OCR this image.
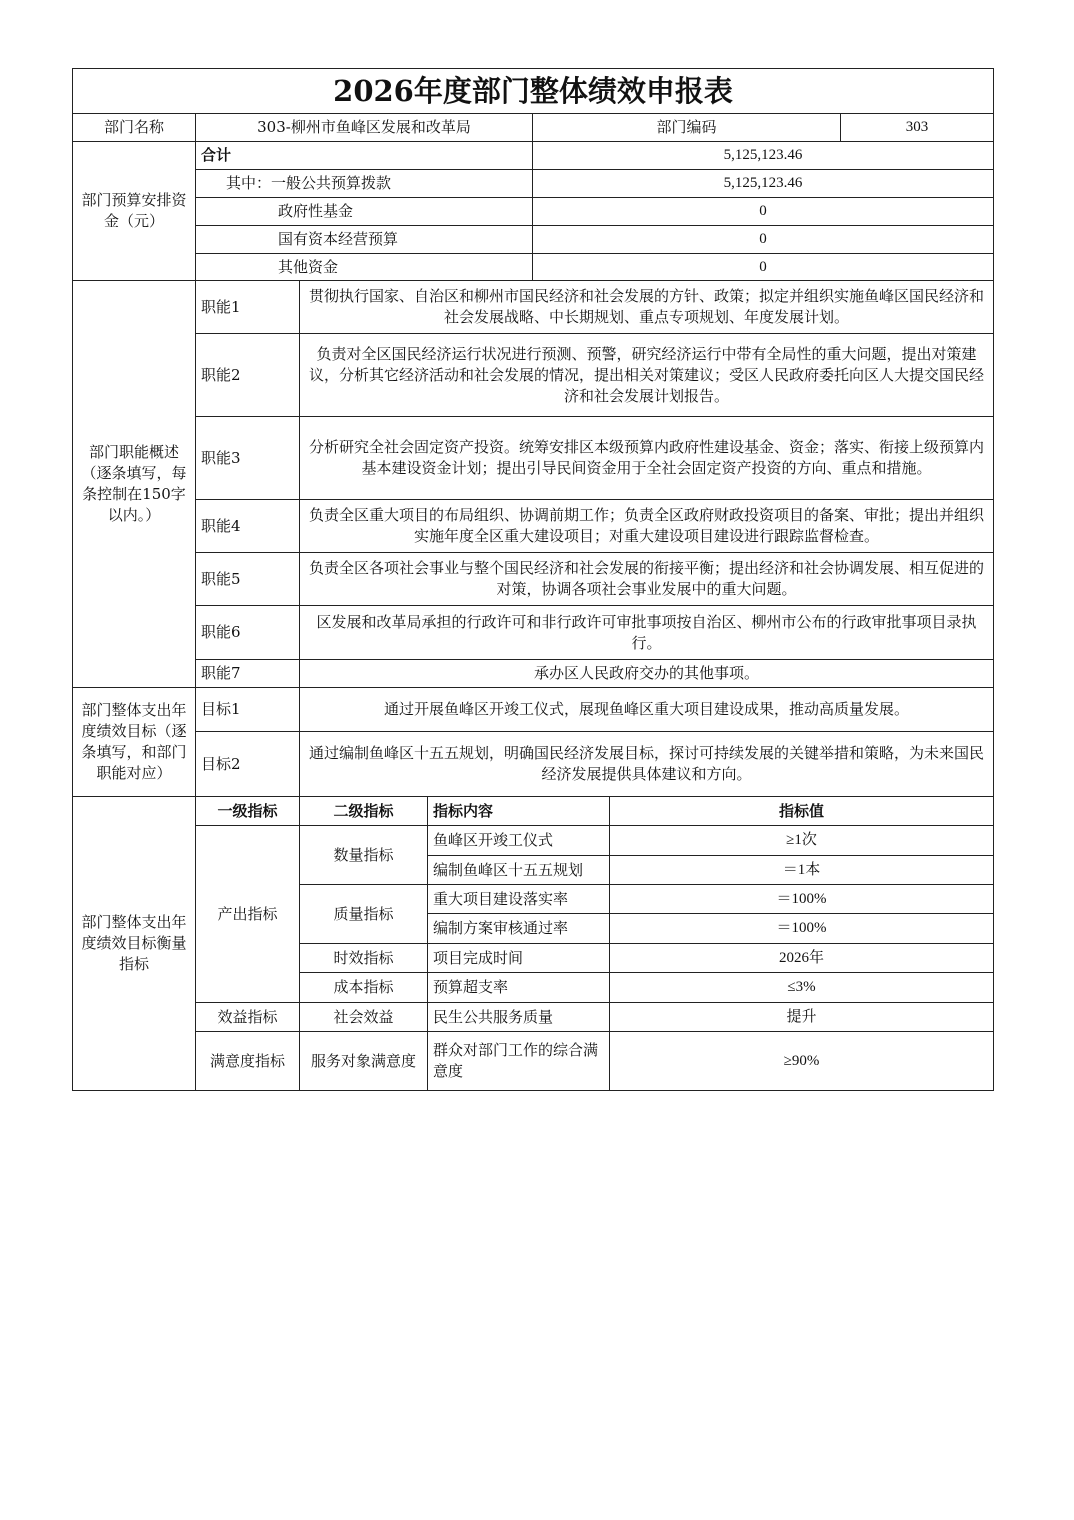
2026年度部门整体绩效申报表						
部门名称	303-柳州市鱼峰区发展和改革局			部门编码		303
部门预算安排资金（元）	合计			5,125,123.46		
	其中：一般公共预算拨款			5,125,123.46		
	政府性基金			0		
	国有资本经营预算			0		
	其他资金			0		
部门职能概述（逐条填写，每条控制在150字以内。）	职能1	贯彻执行国家、自治区和柳州市国民经济和社会发展的方针、政策；拟定并组织实施鱼峰区国民经济和社会发展战略、中长期规划、重点专项规划、年度发展计划。				
	职能2	负责对全区国民经济运行状况进行预测、预警，研究经济运行中带有全局性的重大问题，提出对策建议，分析其它经济活动和社会发展的情况，提出相关对策建议；受区人民政府委托向区人大提交国民经济和社会发展计划报告。				
	职能3	分析研究全社会固定资产投资。统筹安排区本级预算内政府性建设基金、资金；落实、衔接上级预算内基本建设资金计划；提出引导民间资金用于全社会固定资产投资的方向、重点和措施。				
	职能4	负责全区重大项目的布局组织、协调前期工作；负责全区政府财政投资项目的备案、审批；提出并组织实施年度全区重大建设项目；对重大建设项目建设进行跟踪监督检查。				
	职能5	负责全区各项社会事业与整个国民经济和社会发展的衔接平衡；提出经济和社会协调发展、相互促进的对策，协调各项社会事业发展中的重大问题。				
	职能6	区发展和改革局承担的行政许可和非行政许可审批事项按自治区、柳州市公布的行政审批事项目录执行。				
	职能7	承办区人民政府交办的其他事项。				
部门整体支出年度绩效目标（逐条填写，和部门职能对应）	目标1	通过开展鱼峰区开竣工仪式，展现鱼峰区重大项目建设成果，推动高质量发展。				
	目标2	通过编制鱼峰区十五五规划，明确国民经济发展目标，探讨可持续发展的关键举措和策略，为未来国民经济发展提供具体建议和方向。				
部门整体支出年度绩效目标衡量指标	一级指标	二级指标	指标内容		指标值	
	产出指标	数量指标	鱼峰区开竣工仪式		≥1次	
			编制鱼峰区十五五规划		＝1本	
		质量指标	重大项目建设落实率		＝100%	
			编制方案审核通过率		＝100%	
		时效指标	项目完成时间		2026年	
		成本指标	预算超支率		≤3%	
	效益指标	社会效益	民生公共服务质量		提升	
	满意度指标	服务对象满意度	群众对部门工作的综合满意度		≥90%	
